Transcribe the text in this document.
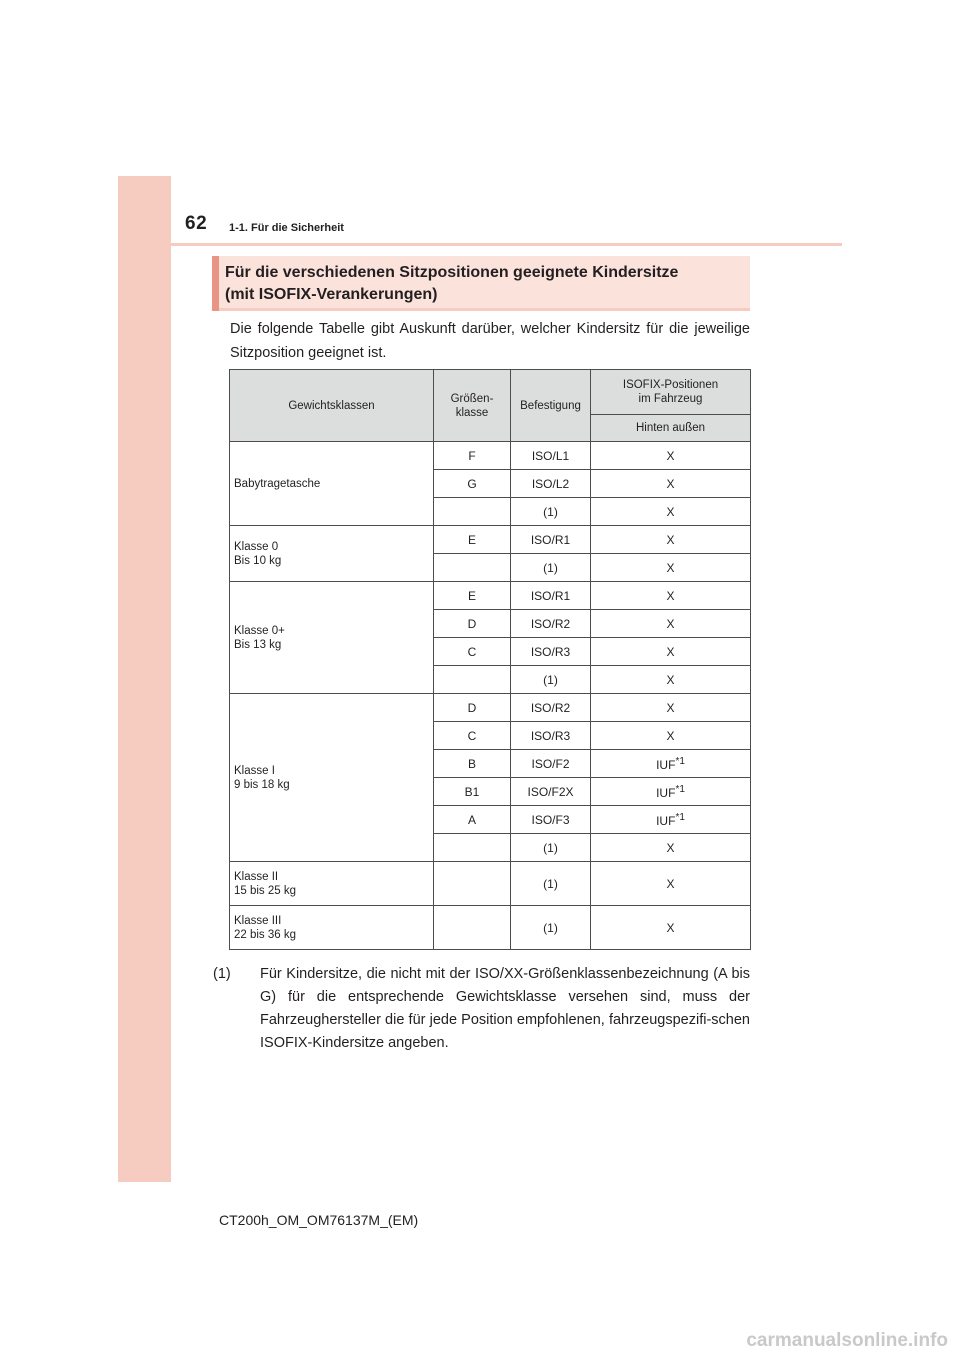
62 1-1. Für die Sicherheit
Für die verschiedenen Sitzpositionen geeignete Kindersitze
(mit ISOFIX-Verankerungen)
Die folgende Tabelle gibt Auskunft darüber, welcher Kindersitz für die jeweilige Sitzposition geeignet ist.
Gewichtsklassen	Größen-
klasse	Befestigung	ISOFIX-Positionen
im Fahrzeug
			Hinten außen

Babytragetasche	F	ISO/L1	X
	G	ISO/L2	X
		(1)	X

Klasse 0
Bis 10 kg	E	ISO/R1	X
		(1)	X

Klasse 0+
Bis 13 kg	E	ISO/R1	X
	D	ISO/R2	X
	C	ISO/R3	X
		(1)	X

Klasse I
9 bis 18 kg	D	ISO/R2	X
	C	ISO/R3	X
	B	ISO/F2	IUF$^{*1}$
	B1	ISO/F2X	IUF$^{*1}$
	A	ISO/F3	IUF$^{*1}$
		(1)	X

Klasse II
15 bis 25 kg		(1)	X

Klasse III
22 bis 36 kg		(1)	X
(1) Für Kindersitze, die nicht mit der ISO/XX-Größenklassenbezeichnung (A bis G) für die entsprechende Gewichtsklasse versehen sind, muss der Fahrzeughersteller die für jede Position empfohlenen, fahrzeugspezifi-schen ISOFIX-Kindersitze angeben.
CT200h_OM_OM76137M_(EM)
carmanualsonline.info
